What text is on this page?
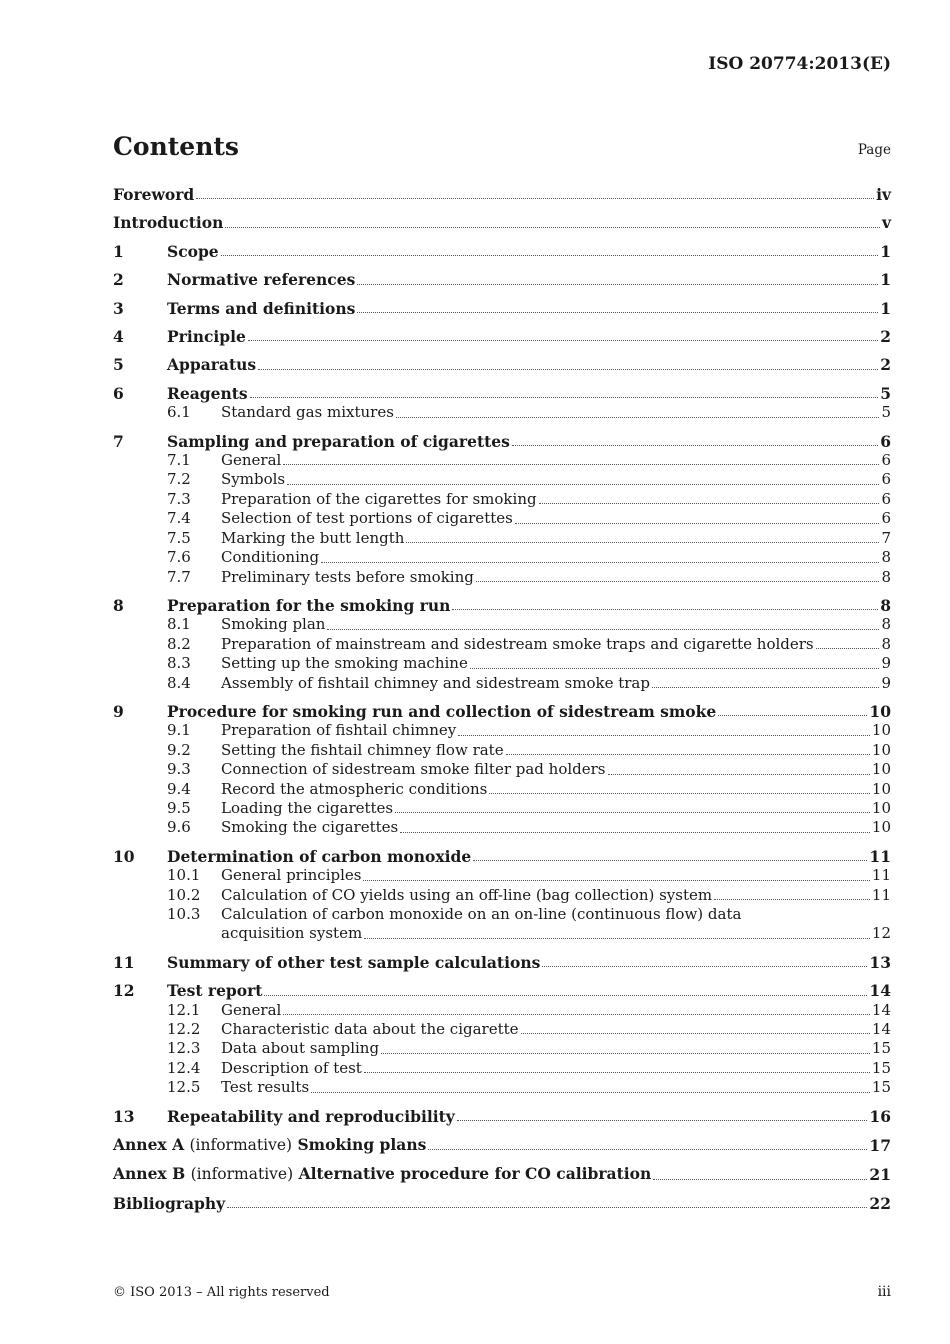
ISO 20774:2013(E)
Contents	Page
Foreword	iv
Introduction	v
1	Scope	1
2	Normative references	1
3	Terms and definitions	1
4	Principle	2
5	Apparatus	2
6	Reagents	5
6.1	Standard gas mixtures	5
7	Sampling and preparation of cigarettes	6
7.1	General	6
7.2	Symbols	6
7.3	Preparation of the cigarettes for smoking	6
7.4	Selection of test portions of cigarettes	6
7.5	Marking the butt length	7
7.6	Conditioning	8
7.7	Preliminary tests before smoking	8
8	Preparation for the smoking run	8
8.1	Smoking plan	8
8.2	Preparation of mainstream and sidestream smoke traps and cigarette holders	8
8.3	Setting up the smoking machine	9
8.4	Assembly of fishtail chimney and sidestream smoke trap	9
9	Procedure for smoking run and collection of sidestream smoke	10
9.1	Preparation of fishtail chimney	10
9.2	Setting the fishtail chimney flow rate	10
9.3	Connection of sidestream smoke filter pad holders	10
9.4	Record the atmospheric conditions	10
9.5	Loading the cigarettes	10
9.6	Smoking the cigarettes	10
10	Determination of carbon monoxide	11
10.1	General principles	11
10.2	Calculation of CO yields using an off-line (bag collection) system	11
10.3	Calculation of carbon monoxide on an on-line (continuous flow) data
acquisition system	12
11	Summary of other test sample calculations	13
12	Test report	14
12.1	General	14
12.2	Characteristic data about the cigarette	14
12.3	Data about sampling	15
12.4	Description of test	15
12.5	Test results	15
13	Repeatability and reproducibility	16
Annex A (informative) Smoking plans	17
Annex B (informative) Alternative procedure for CO calibration	21
Bibliography	22
© ISO 2013 – All rights reserved	iii
